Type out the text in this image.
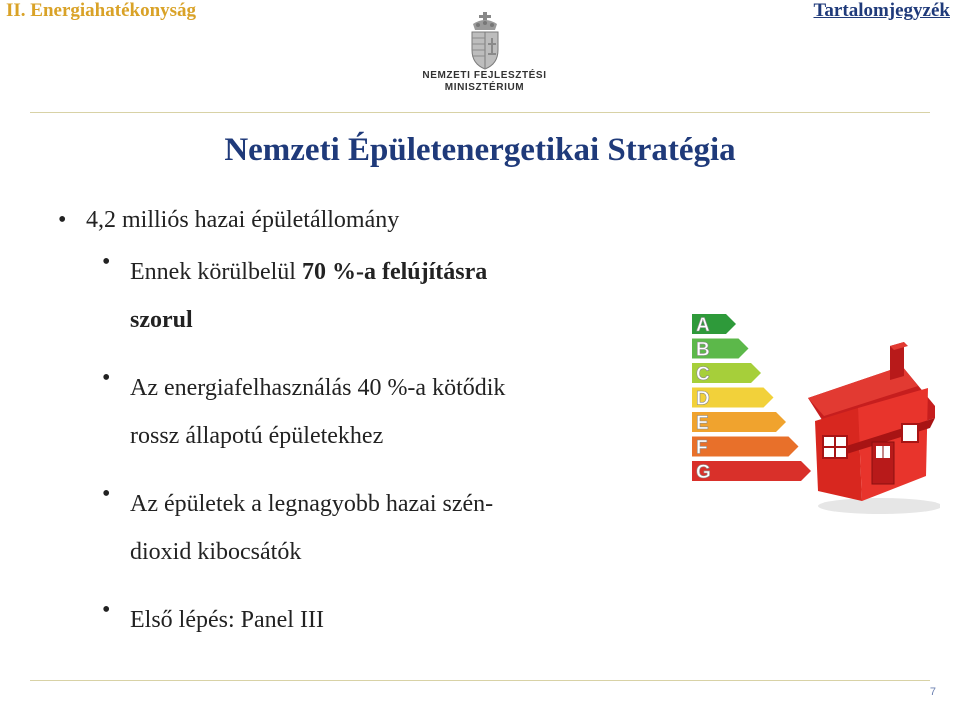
II. Energiahatékonyság	Tartalomjegyzék
NEMZETI FEJLESZTÉSI
MINISZTÉRIUM
Nemzeti Épületenergetikai Stratégia
• 4,2 milliós hazai épületállomány
• Ennek körülbelül 70 %-a felújításra
szorul
• Az energiafelhasználás 40 %-a kötődik
rossz állapotú épületekhez
• Az épületek a legnagyobb hazai szén-
dioxid kibocsátók
• Első lépés: Panel III
A
B
C
D
E
F
G
7
